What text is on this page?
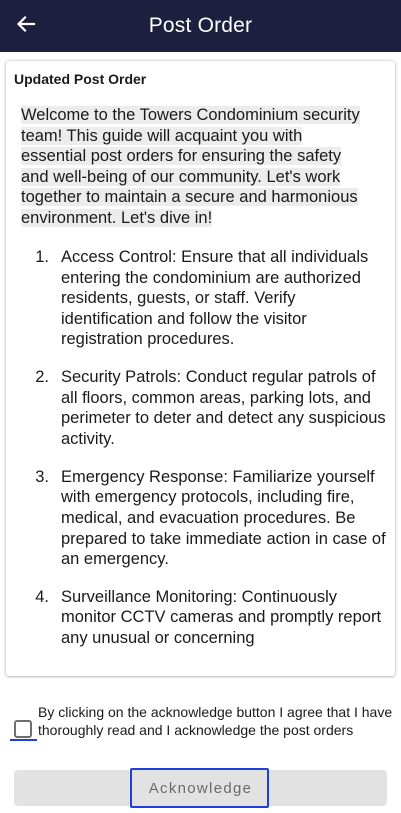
Post Order
Updated Post Order
Welcome to the Towers Condominium security
team! This guide will acquaint you with
essential post orders for ensuring the safety
and well-being of our community. Let's work
together to maintain a secure and harmonious
environment. Let's dive in!
1. Access Control: Ensure that all individuals entering the condominium are authorized residents, guests, or staff. Verify identification and follow the visitor registration procedures.
2. Security Patrols: Conduct regular patrols of all floors, common areas, parking lots, and perimeter to deter and detect any suspicious activity.
3. Emergency Response: Familiarize yourself with emergency protocols, including fire, medical, and evacuation procedures. Be prepared to take immediate action in case of an emergency.
4. Surveillance Monitoring: Continuously monitor CCTV cameras and promptly report any unusual or concerning
By clicking on the acknowledge button I agree that I have thoroughly read and I acknowledge the post orders
Acknowledge
